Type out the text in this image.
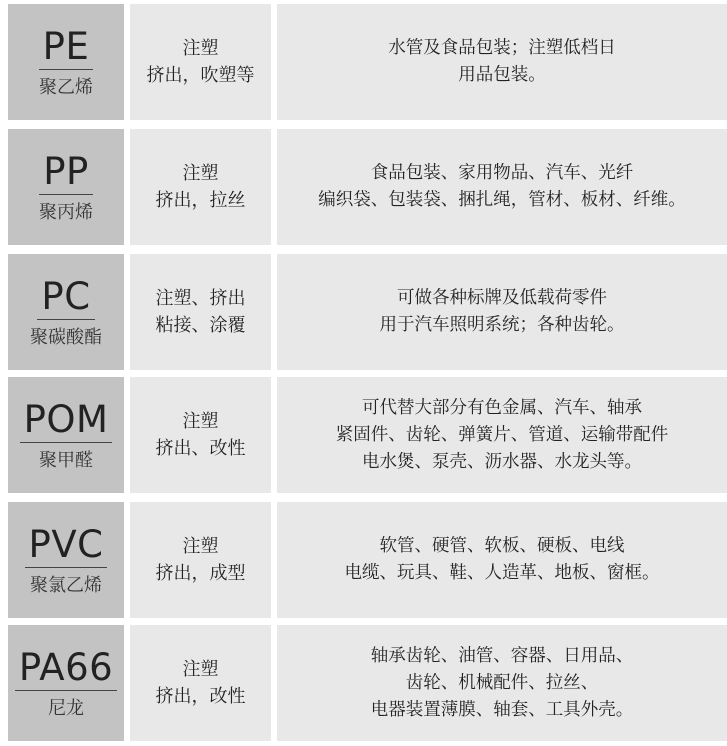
PE
聚乙烯
注塑
挤出，吹塑等
水管及食品包装；注塑低档日
用品包装。
PP
聚丙烯
注塑
挤出，拉丝
食品包装、家用物品、汽车、光纤
编织袋、包装袋、捆扎绳，管材、板材、纤维。
PC
聚碳酸酯
注塑、挤出
粘接、涂覆
可做各种标牌及低载荷零件
用于汽车照明系统；各种齿轮。
POM
聚甲醛
注塑
挤出、改性
可代替大部分有色金属、汽车、轴承
紧固件、齿轮、弹簧片、管道、运输带配件
电水煲、泵壳、沥水器、水龙头等。
PVC
聚氯乙烯
注塑
挤出，成型
软管、硬管、软板、硬板、电线
电缆、玩具、鞋、人造革、地板、窗框。
PA66
尼龙
注塑
挤出，改性
轴承齿轮、油管、容器、日用品、
齿轮、机械配件、拉丝、
电器装置薄膜、轴套、工具外壳。
